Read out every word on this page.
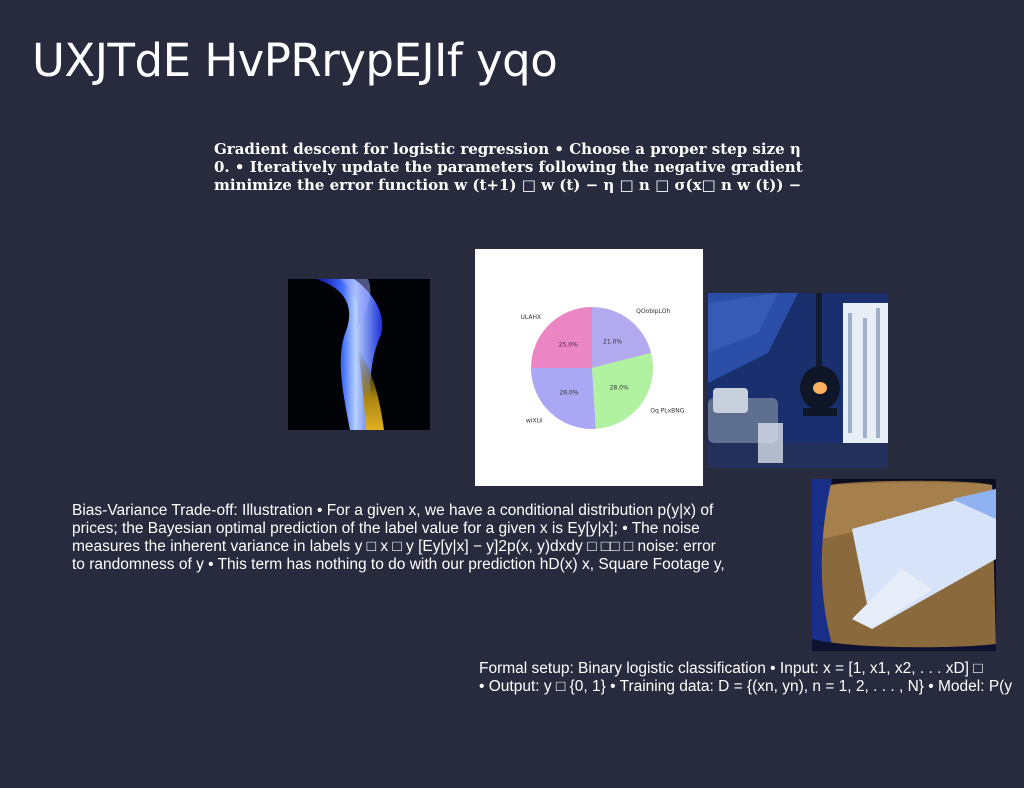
UXJTdE HvPRrypEJIf yqo
Gradient descent for logistic regression • Choose a proper step size η
0. • Iteratively update the parameters following the negative gradient
minimize the error function w (t+1) □ w (t) − η □ n □ σ(x□ n w (t)) −
21.0%
QOobIpLOh
28.0%
Oq PLxBNG
26.0%
wIXUi
25.0%
ULAHX
Bias-Variance Trade-off: Illustration • For a given x, we have a conditional distribution p(y|x) of
prices; the Bayesian optimal prediction of the label value for a given x is Ey[y|x]; • The noise
measures the inherent variance in labels y □ x □ y [Ey[y|x] − y]2p(x, y)dxdy □ □□ □ noise: error
to randomness of y • This term has nothing to do with our prediction hD(x) x, Square Footage y,
Formal setup: Binary logistic classification • Input: x = [1, x1, x2, . . . xD] □
• Output: y □ {0, 1} • Training data: D = {(xn, yn), n = 1, 2, . . . , N} • Model: P(y
